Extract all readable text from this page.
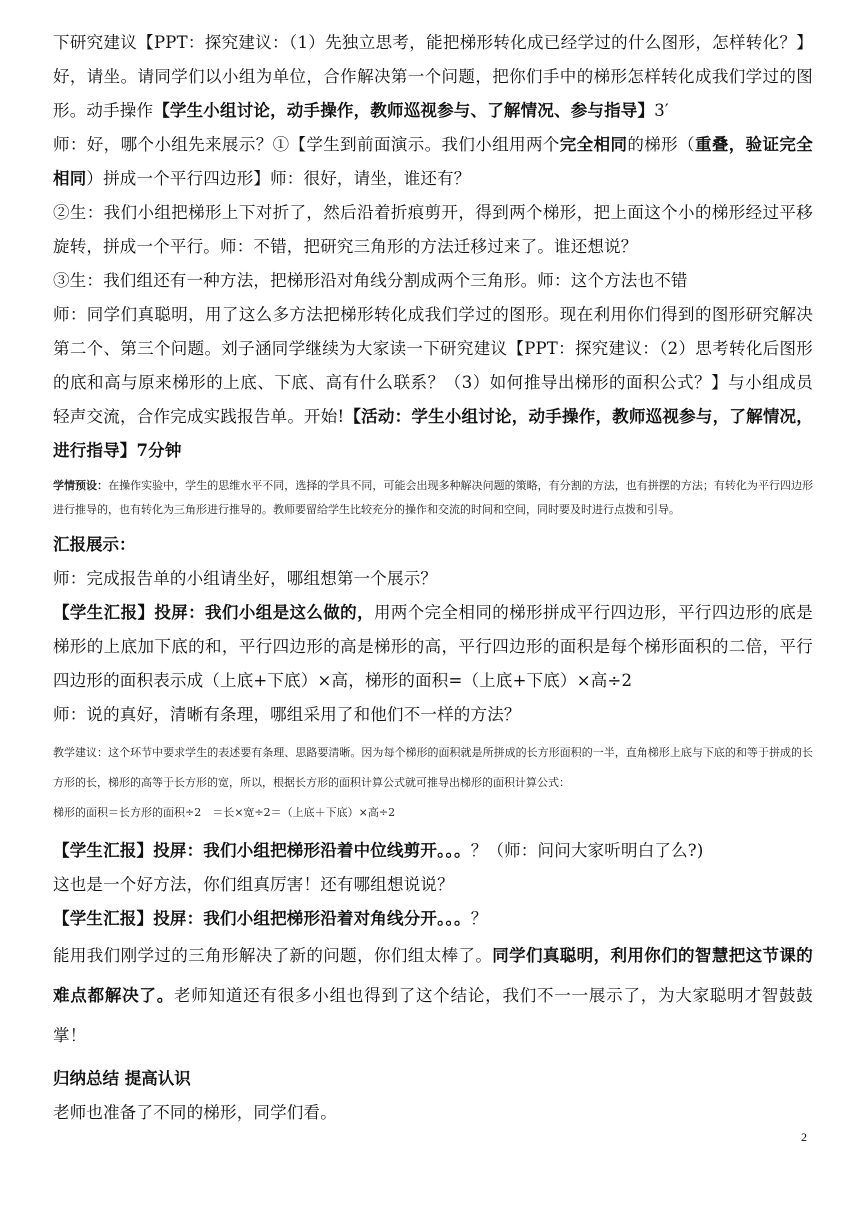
下研究建议【PPT：探究建议：（1）先独立思考，能把梯形转化成已经学过的什么图形，怎样转化？】好，请坐。请同学们以小组为单位，合作解决第一个问题，把你们手中的梯形怎样转化成我们学过的图形。动手操作【学生小组讨论，动手操作，教师巡视参与、了解情况、参与指导】3′

师：好，哪个小组先来展示？①【学生到前面演示。我们小组用两个完全相同的梯形（重叠，验证完全相同）拼成一个平行四边形】师：很好，请坐，谁还有？

②生：我们小组把梯形上下对折了，然后沿着折痕剪开，得到两个梯形，把上面这个小的梯形经过平移旋转，拼成一个平行。师：不错，把研究三角形的方法迁移过来了。谁还想说？

③生：我们组还有一种方法，把梯形沿对角线分割成两个三角形。师：这个方法也不错

师：同学们真聪明，用了这么多方法把梯形转化成我们学过的图形。现在利用你们得到的图形研究解决第二个、第三个问题。刘子涵同学继续为大家读一下研究建议【PPT：探究建议：（2）思考转化后图形的底和高与原来梯形的上底、下底、高有什么联系？（3）如何推导出梯形的面积公式？】与小组成员轻声交流，合作完成实践报告单。开始!【活动：学生小组讨论，动手操作，教师巡视参与，了解情况，进行指导】7分钟

学情预设：在操作实验中，学生的思维水平不同，选择的学具不同，可能会出现多种解决问题的策略，有分割的方法，也有拼摆的方法；有转化为平行四边形进行推导的，也有转化为三角形进行推导的。教师要留给学生比较充分的操作和交流的时间和空间，同时要及时进行点拨和引导。

汇报展示：

师：完成报告单的小组请坐好，哪组想第一个展示？

【学生汇报】投屏：我们小组是这么做的，用两个完全相同的梯形拼成平行四边形，平行四边形的底是梯形的上底加下底的和，平行四边形的高是梯形的高，平行四边形的面积是每个梯形面积的二倍，平行四边形的面积表示成（上底+下底）×高，梯形的面积=（上底+下底）×高÷2

师：说的真好，清晰有条理，哪组采用了和他们不一样的方法？

教学建议：这个环节中要求学生的表述要有条理、思路要清晰。因为每个梯形的面积就是所拼成的长方形面积的一半，直角梯形上底与下底的和等于拼成的长方形的长，梯形的高等于长方形的宽，所以，根据长方形的面积计算公式就可推导出梯形的面积计算公式：

梯形的面积＝长方形的面积÷2　＝长×宽÷2＝（上底＋下底）×高÷2

【学生汇报】投屏：我们小组把梯形沿着中位线剪开。。。？（师：问问大家听明白了么?)

这也是一个好方法，你们组真厉害！还有哪组想说说？

【学生汇报】投屏：我们小组把梯形沿着对角线分开。。。？

能用我们刚学过的三角形解决了新的问题，你们组太棒了。同学们真聪明，利用你们的智慧把这节课的难点都解决了。老师知道还有很多小组也得到了这个结论，我们不一一展示了，为大家聪明才智鼓鼓掌！

归纳总结 提高认识

老师也准备了不同的梯形，同学们看。

2
